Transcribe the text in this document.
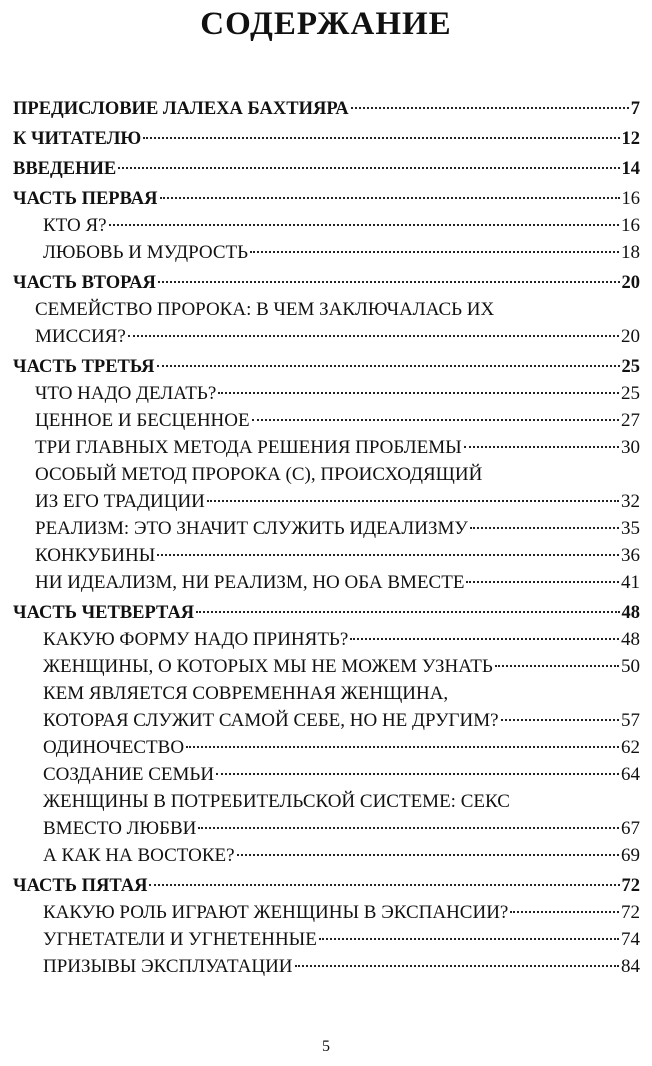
СОДЕРЖАНИЕ
ПРЕДИСЛОВИЕ ЛАЛЕХА БАХТИЯРА	7
К ЧИТАТЕЛЮ	12
ВВЕДЕНИЕ	14
ЧАСТЬ ПЕРВАЯ	16
КТО Я?	16
ЛЮБОВЬ И МУДРОСТЬ	18
ЧАСТЬ ВТОРАЯ	20
СЕМЕЙСТВО ПРОРОКА: В ЧЕМ ЗАКЛЮЧАЛАСЬ ИХ
МИССИЯ?	20
ЧАСТЬ ТРЕТЬЯ	25
ЧТО НАДО ДЕЛАТЬ?	25
ЦЕННОЕ И БЕСЦЕННОЕ	27
ТРИ ГЛАВНЫХ МЕТОДА РЕШЕНИЯ ПРОБЛЕМЫ	30
ОСОБЫЙ МЕТОД ПРОРОКА (С), ПРОИСХОДЯЩИЙ
ИЗ ЕГО ТРАДИЦИИ	32
РЕАЛИЗМ: ЭТО ЗНАЧИТ СЛУЖИТЬ ИДЕАЛИЗМУ	35
КОНКУБИНЫ	36
НИ ИДЕАЛИЗМ, НИ РЕАЛИЗМ, НО ОБА ВМЕСТЕ	41
ЧАСТЬ ЧЕТВЕРТАЯ	48
КАКУЮ ФОРМУ НАДО ПРИНЯТЬ?	48
ЖЕНЩИНЫ, О КОТОРЫХ МЫ НЕ МОЖЕМ УЗНАТЬ	50
КЕМ ЯВЛЯЕТСЯ СОВРЕМЕННАЯ ЖЕНЩИНА,
КОТОРАЯ СЛУЖИТ САМОЙ СЕБЕ, НО НЕ ДРУГИМ?	57
ОДИНОЧЕСТВО	62
СОЗДАНИЕ СЕМЬИ	64
ЖЕНЩИНЫ В ПОТРЕБИТЕЛЬСКОЙ СИСТЕМЕ: СЕКС
ВМЕСТО ЛЮБВИ	67
А КАК НА ВОСТОКЕ?	69
ЧАСТЬ ПЯТАЯ	72
КАКУЮ РОЛЬ ИГРАЮТ ЖЕНЩИНЫ В ЭКСПАНСИИ?	72
УГНЕТАТЕЛИ И УГНЕТЕННЫЕ	74
ПРИЗЫВЫ ЭКСПЛУАТАЦИИ	84
5
